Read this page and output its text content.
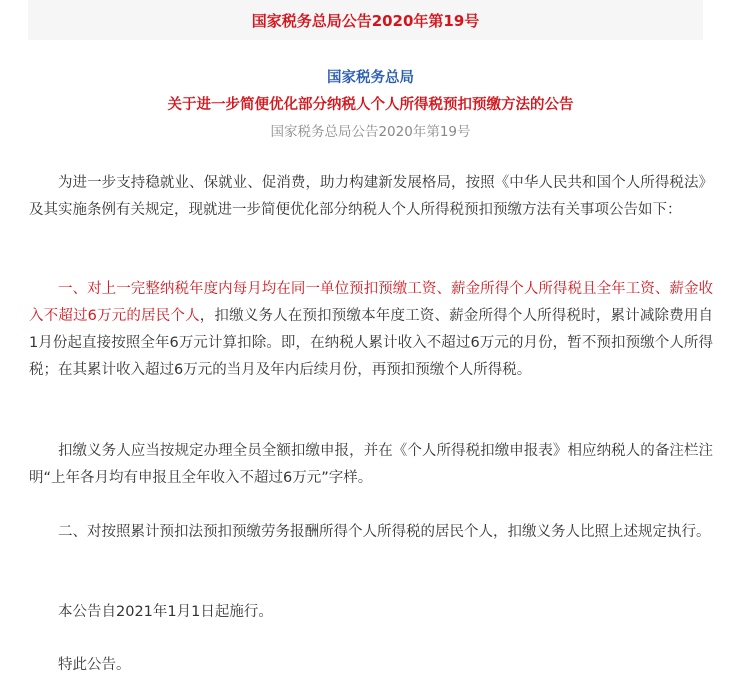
国家税务总局公告2020年第19号
国家税务总局
关于进一步简便优化部分纳税人个人所得税预扣预缴方法的公告
国家税务总局公告2020年第19号

为进一步支持稳就业、保就业、促消费，助力构建新发展格局，按照《中华人民共和国个人所得税法》及其实施条例有关规定，现就进一步简便优化部分纳税人个人所得税预扣预缴方法有关事项公告如下：

一、对上一完整纳税年度内每月均在同一单位预扣预缴工资、薪金所得个人所得税且全年工资、薪金收入不超过6万元的居民个人，扣缴义务人在预扣预缴本年度工资、薪金所得个人所得税时，累计减除费用自1月份起直接按照全年6万元计算扣除。即，在纳税人累计收入不超过6万元的月份，暂不预扣预缴个人所得税；在其累计收入超过6万元的当月及年内后续月份，再预扣预缴个人所得税。

扣缴义务人应当按规定办理全员全额扣缴申报，并在《个人所得税扣缴申报表》相应纳税人的备注栏注明“上年各月均有申报且全年收入不超过6万元”字样。

二、对按照累计预扣法预扣预缴劳务报酬所得个人所得税的居民个人，扣缴义务人比照上述规定执行。

本公告自2021年1月1日起施行。

特此公告。
